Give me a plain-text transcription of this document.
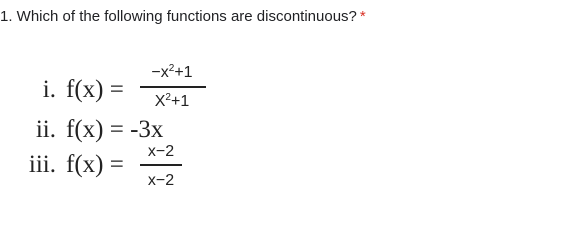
1. Which of the following functions are discontinuous? *
i. f(x) =
$-x^2+1$
$X^2+1$
ii. f(x) = -3x
iii. f(x) =	x−2
x−2
